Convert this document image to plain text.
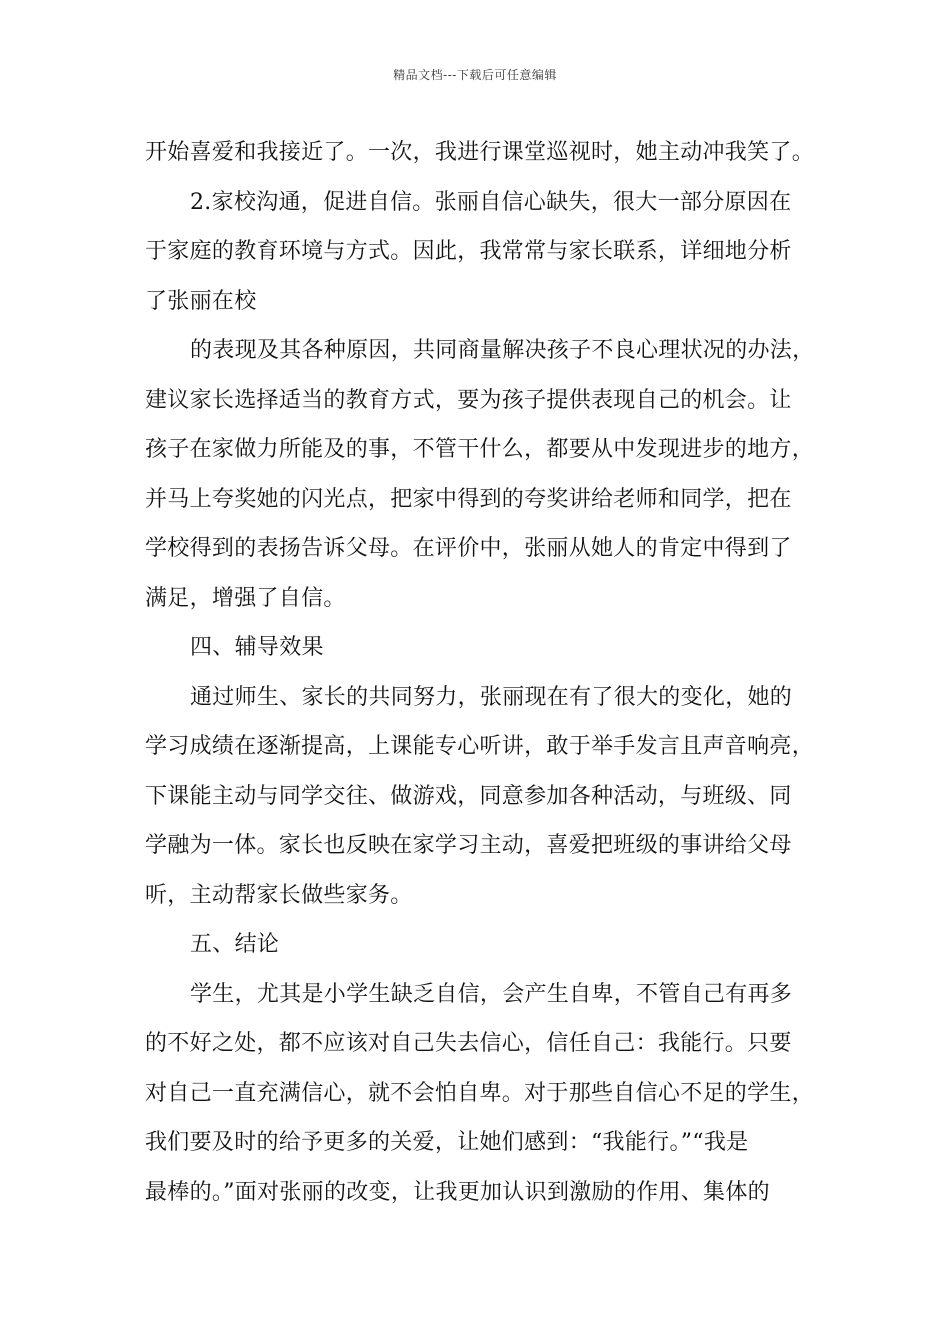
精品文档---下载后可任意编辑
开始喜爱和我接近了。一次，我进行课堂巡视时，她主动冲我笑了。
2.家校沟通，促进自信。张丽自信心缺失，很大一部分原因在
于家庭的教育环境与方式。因此，我常常与家长联系，详细地分析
了张丽在校
的表现及其各种原因，共同商量解决孩子不良心理状况的办法，
建议家长选择适当的教育方式，要为孩子提供表现自己的机会。让
孩子在家做力所能及的事，不管干什么，都要从中发现进步的地方，
并马上夸奖她的闪光点，把家中得到的夸奖讲给老师和同学，把在
学校得到的表扬告诉父母。在评价中，张丽从她人的肯定中得到了
满足，增强了自信。
四、辅导效果
通过师生、家长的共同努力，张丽现在有了很大的变化，她的
学习成绩在逐渐提高，上课能专心听讲，敢于举手发言且声音响亮，
下课能主动与同学交往、做游戏，同意参加各种活动，与班级、同
学融为一体。家长也反映在家学习主动，喜爱把班级的事讲给父母
听，主动帮家长做些家务。
五、结论
学生，尤其是小学生缺乏自信，会产生自卑，不管自己有再多
的不好之处，都不应该对自己失去信心，信任自己：我能行。只要
对自己一直充满信心，就不会怕自卑。对于那些自信心不足的学生，
我们要及时的给予更多的关爱，让她们感到：“我能行。”“我是
最棒的。”面对张丽的改变，让我更加认识到激励的作用、集体的
